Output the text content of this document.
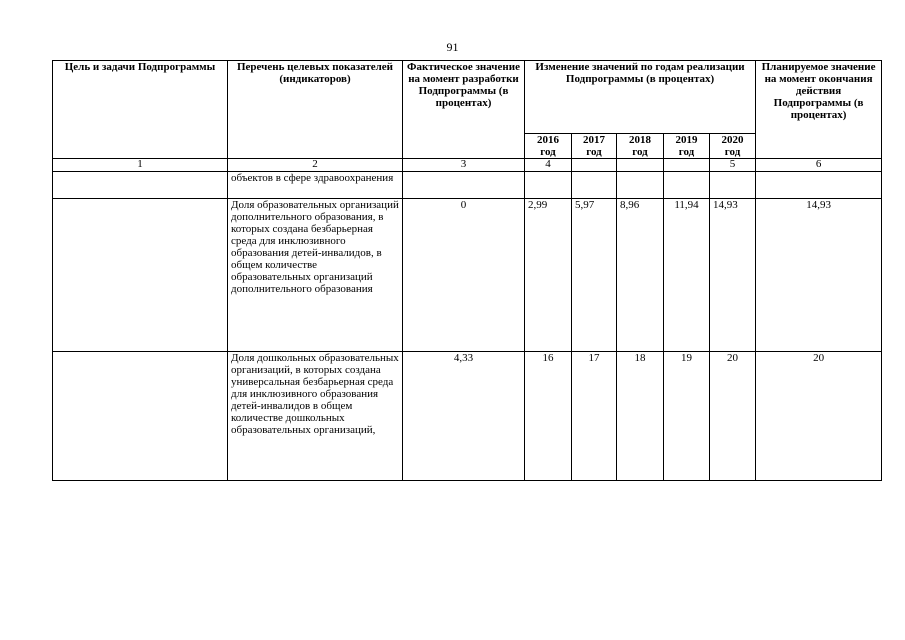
91
Цель и задачи Подпрограммы	Перечень целевых показателей (индикаторов)	Фактическое значение на момент разработки Подпрограммы (в процентах)	Изменение значений по годам реализации Подпрограммы (в процентах)					Планируемое значение на момент окончания действия Подпрограммы (в процентах)
			2016 год	2017 год	2018 год	2019 год	2020 год	
1	2	3	4				5	6
	объектов в сфере здравоохранения							
	Доля образовательных организаций дополнительного образования, в которых создана безбарьерная среда для инклюзивного образования детей-инвалидов, в общем количестве образовательных организаций дополнительного образования	0	2,99	5,97	8,96	11,94	14,93	14,93
	Доля дошкольных образовательных организаций, в которых создана универсальная безбарьерная среда для инклюзивного образования детей-инвалидов в общем количестве дошкольных образовательных организаций,	4,33	16	17	18	19	20	20
